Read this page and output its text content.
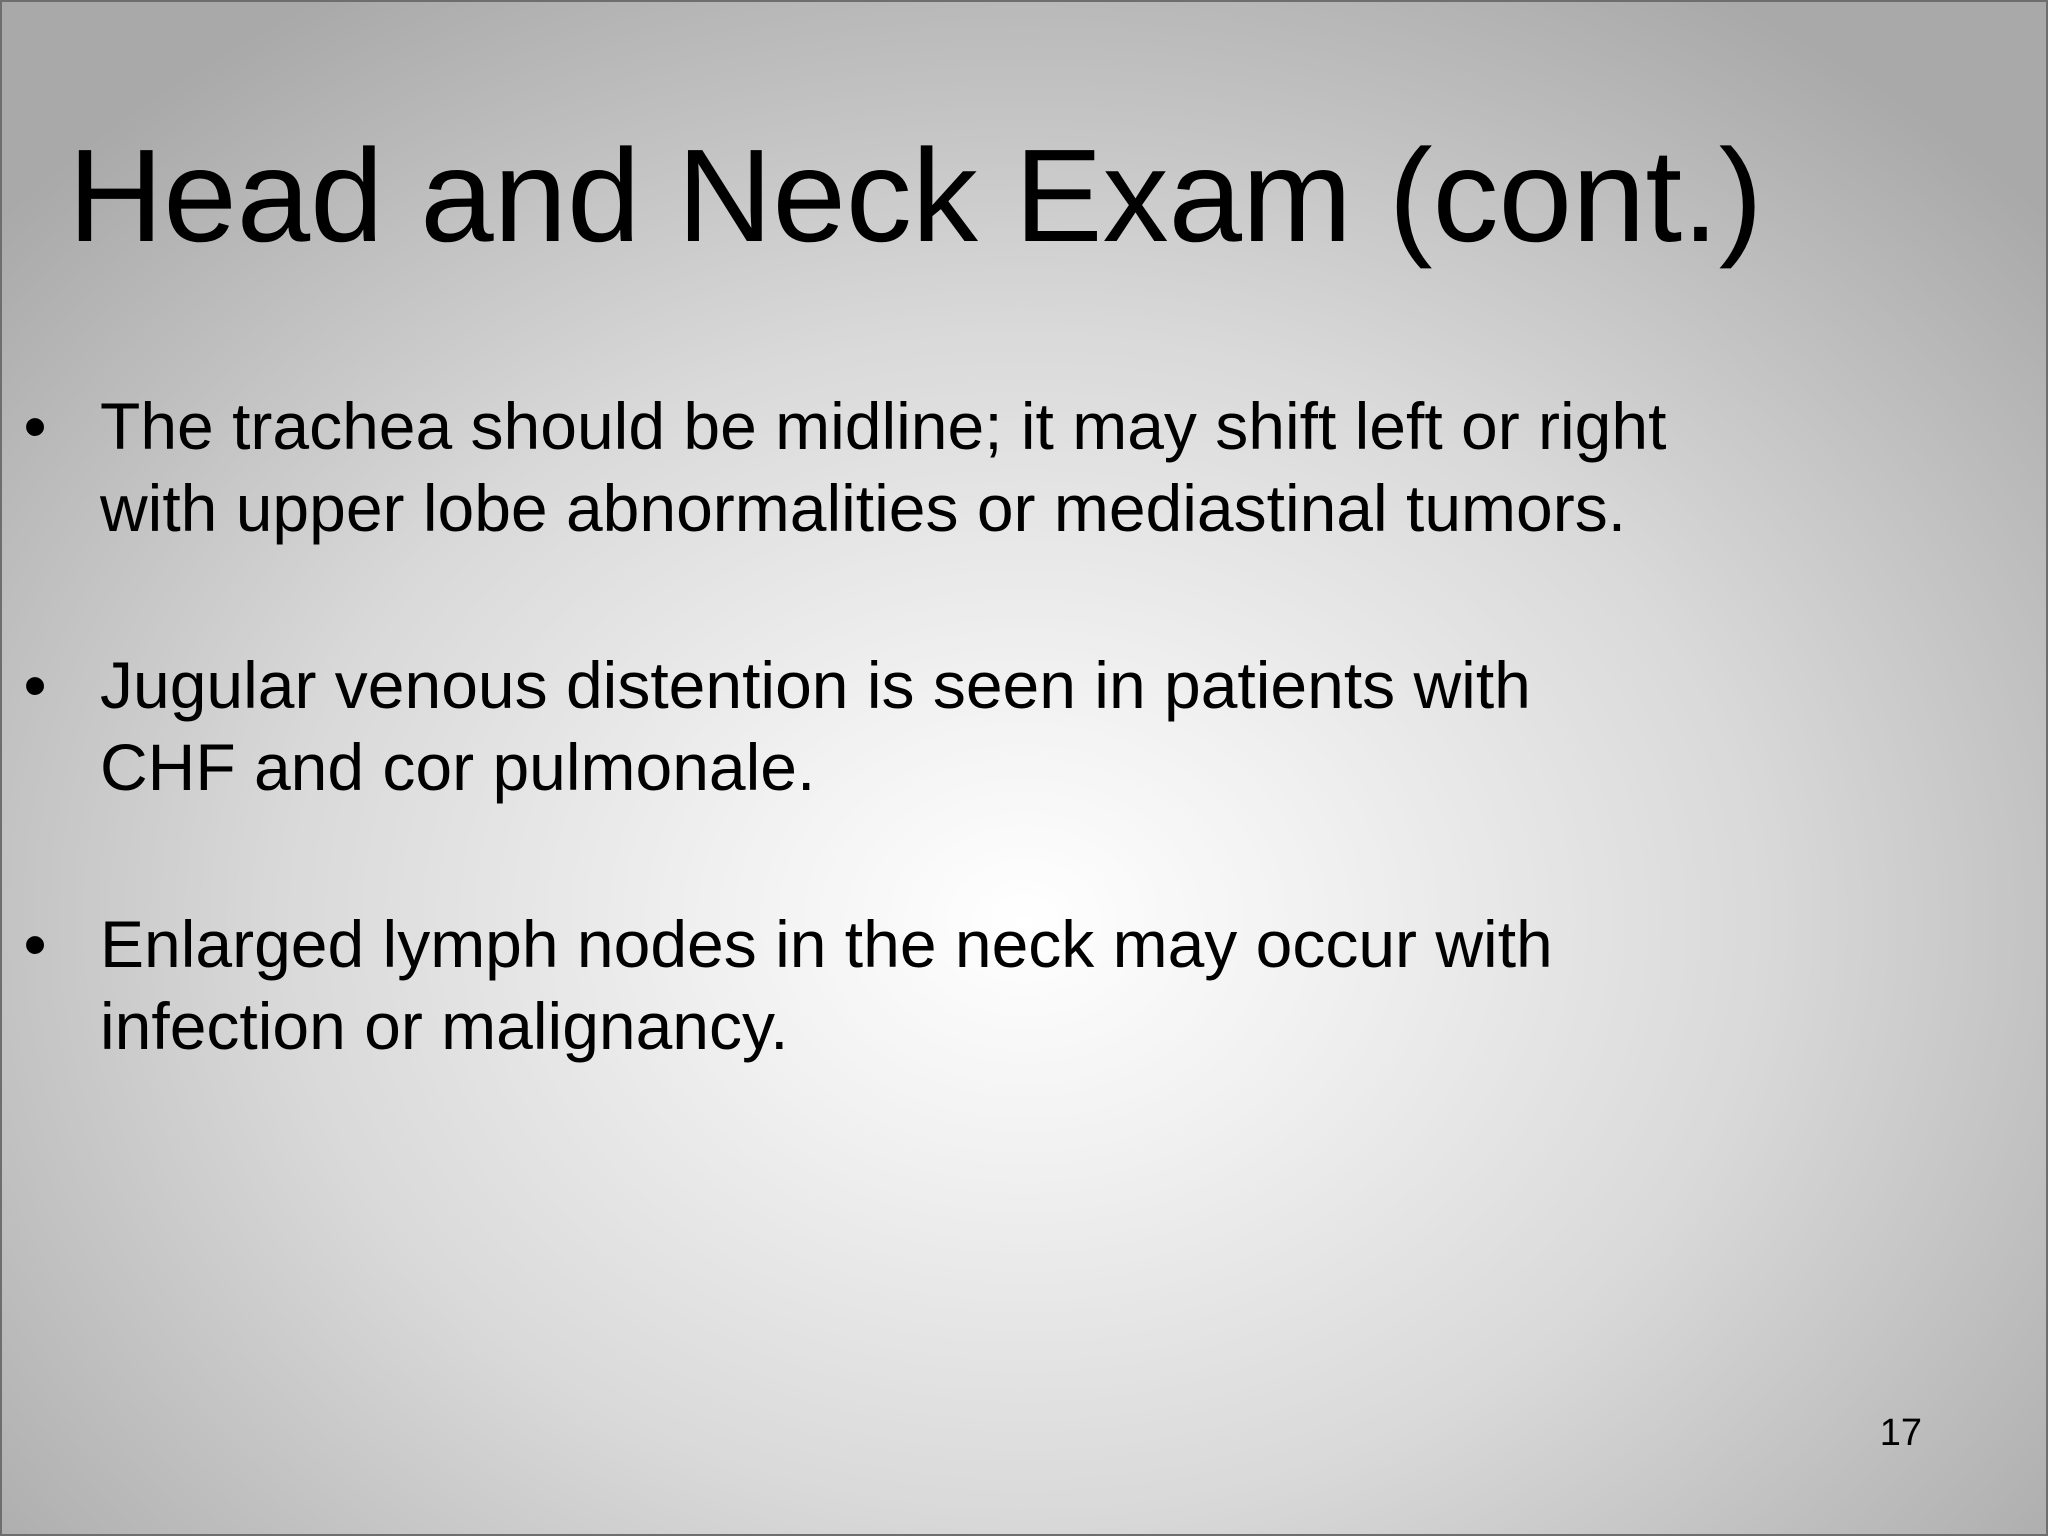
Head and Neck Exam (cont.)
• The trachea should be midline; it may shift left or right
with upper lobe abnormalities or mediastinal tumors.
• Jugular venous distention is seen in patients with
CHF and cor pulmonale.
• Enlarged lymph nodes in the neck may occur with
infection or malignancy.
17
